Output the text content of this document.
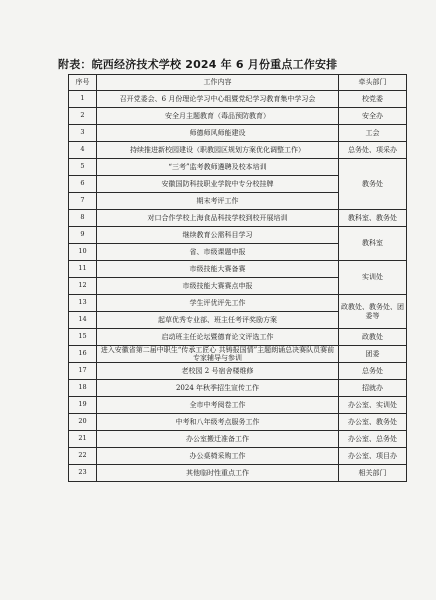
附表：皖西经济技术学校 2024 年 6 月份重点工作安排
序号	工作内容	牵头部门
1	召开党委会、6 月份理论学习中心组暨党纪学习教育集中学习会	校党委
2	安全月主题教育（毒品预防教育）	安全办
3	师德师风师能建设	工会
4	持续推进新校园建设（职教园区规划方案优化调整工作）	总务处、项采办
5	“三考”监考教师遴聘及校本培训	教务处
6	安徽国防科技职业学院中专分校挂牌	
7	期末考评工作	
8	对口合作学校上海食品科技学校到校开展培训	教科室、教务处
9	继续教育公需科目学习	教科室
10	省、市级课题申报	
11	市级技能大赛备赛	实训处
12	市级技能大赛赛点申报	
13	学生评优评先工作	政教处、教务处、团委等
14	起草优秀专业部、班主任考评奖励方案	
15	启动班主任论坛暨德育论文评选工作	政教处
16	进入安徽省第二届中职生“传承工匠心 共铸报国情”主题朗诵总决赛队员赛前专家辅导与参训	团委
17	老校园 2 号宿舍楼维修	总务处
18	2024 年秋季招生宣传工作	招就办
19	全市中考阅卷工作	办公室、实训处
20	中考和八年级考点服务工作	办公室、教务处
21	办公室搬迁准备工作	办公室、总务处
22	办公桌椅采购工作	办公室、项目办
23	其他临时性重点工作	相关部门
